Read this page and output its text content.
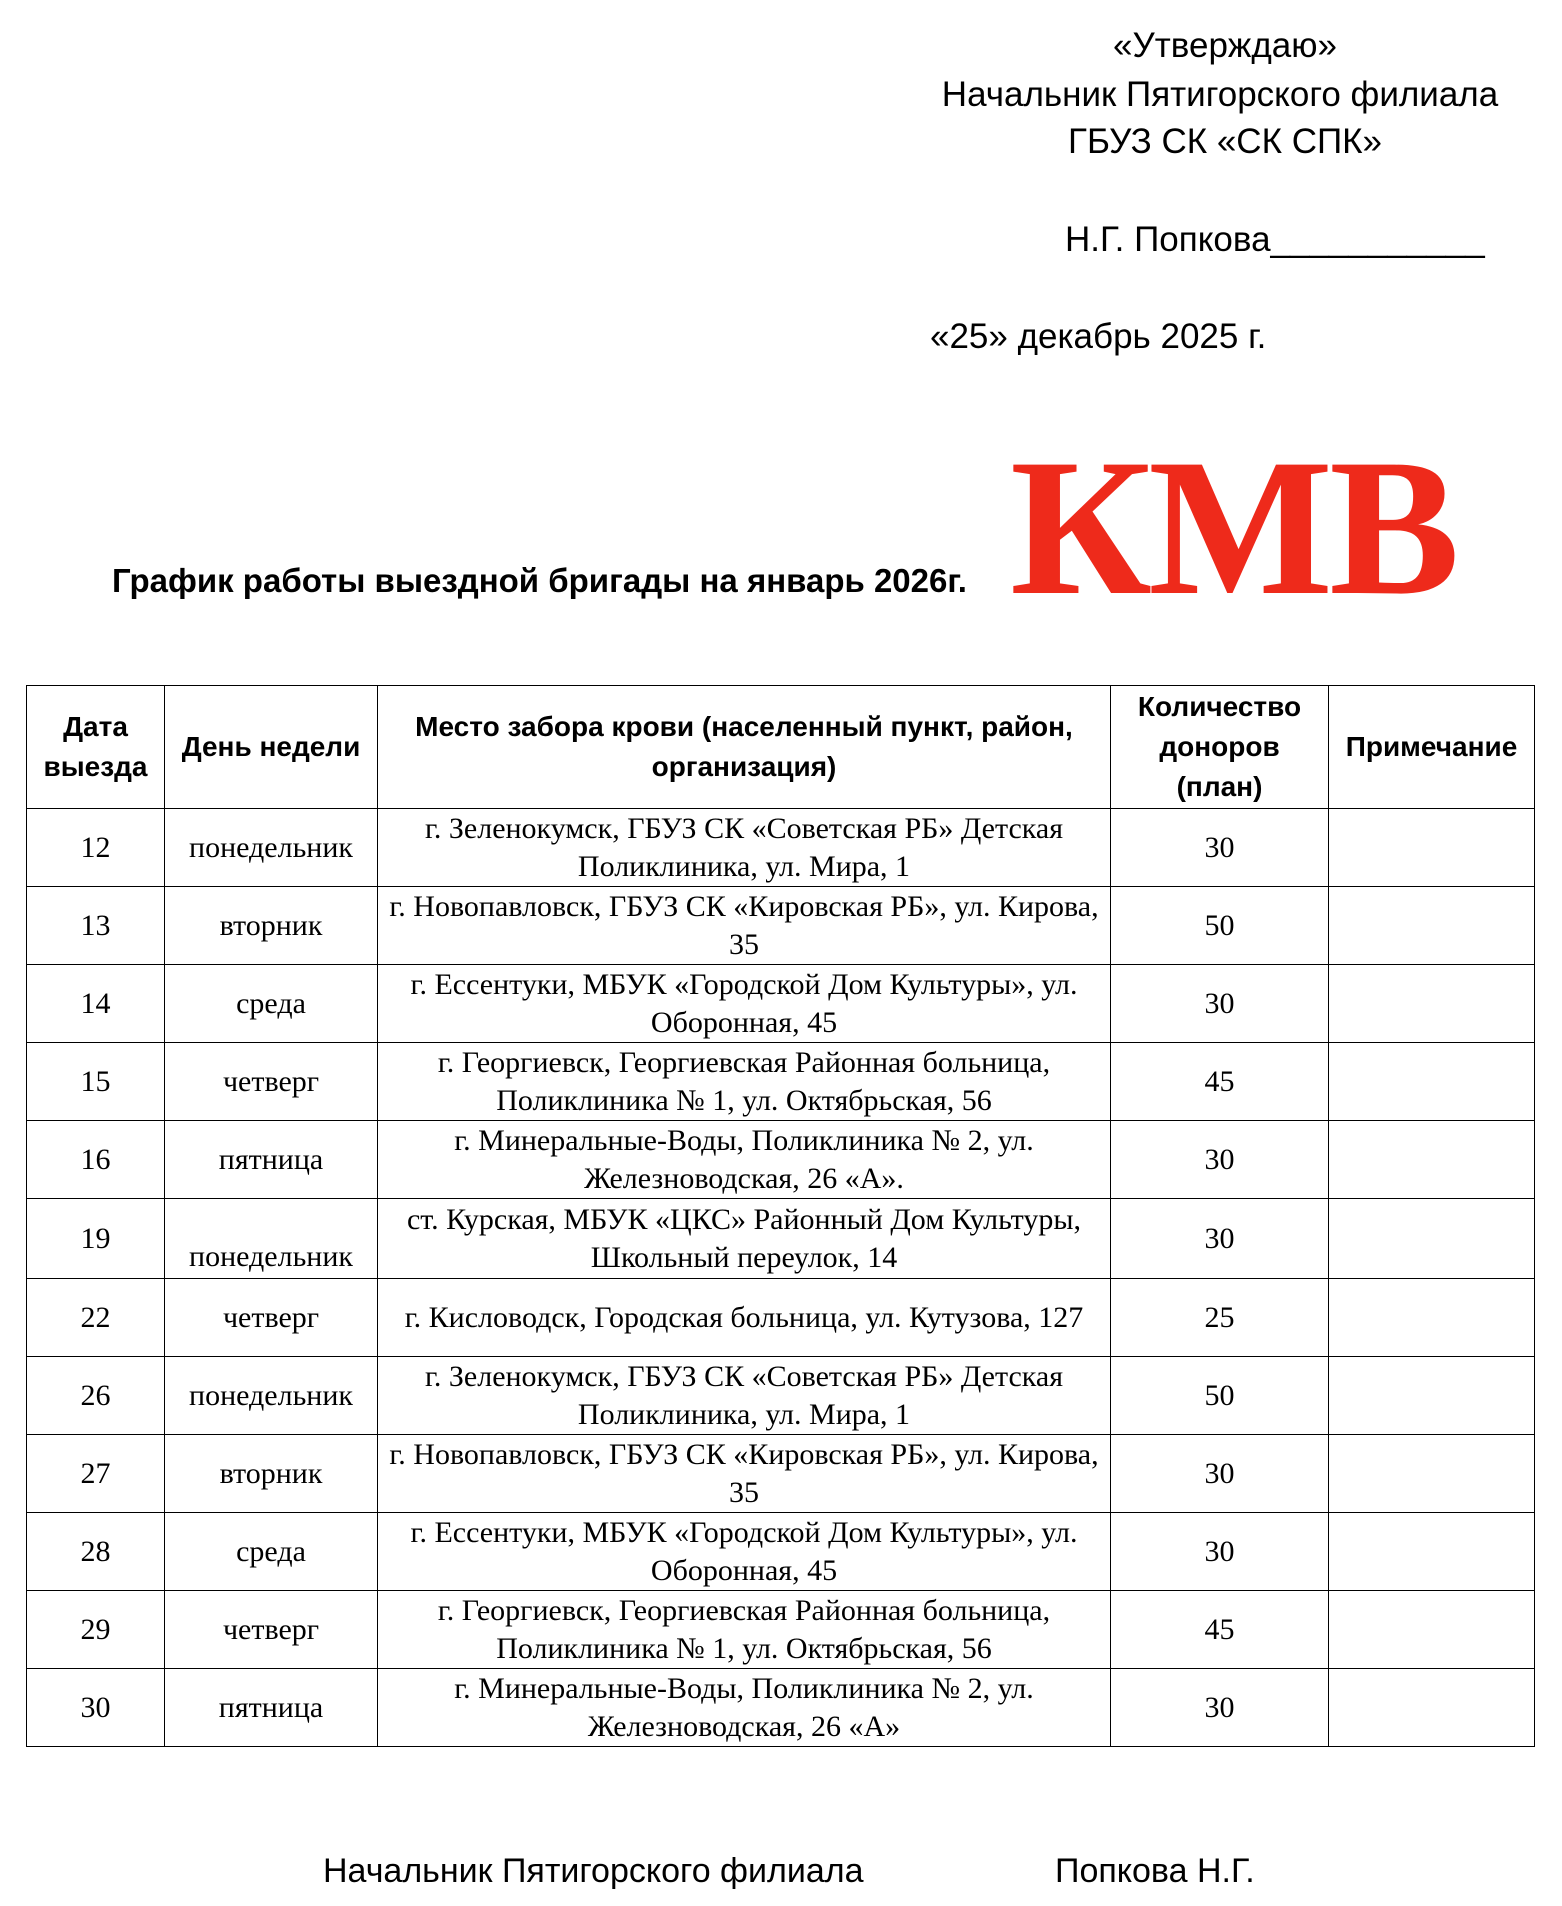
«Утверждаю»
Начальник Пятигорского филиала
ГБУЗ СК «СК СПК»
Н.Г. Попкова___________
«25» декабрь 2025 г.
КМВ
График работы выездной бригады на январь 2026г.
Дата выезда	День недели	Место забора крови (населенный пункт, район, организация)	Количество доноров (план)	Примечание
12	понедельник	г. Зеленокумск, ГБУЗ СК «Советская РБ» Детская Поликлиника, ул. Мира, 1	30	
13	вторник	г. Новопавловск, ГБУЗ СК «Кировская РБ», ул. Кирова, 35	50	
14	среда	г. Ессентуки, МБУК «Городской Дом Культуры», ул. Оборонная, 45	30	
15	четверг	г. Георгиевск, Георгиевская Районная больница, Поликлиника № 1, ул. Октябрьская, 56	45	
16	пятница	г. Минеральные-Воды, Поликлиника № 2, ул. Железноводская, 26 «А».	30	
19	понедельник	ст. Курская, МБУК «ЦКС» Районный Дом Культуры, Школьный переулок, 14	30	
22	четверг	г. Кисловодск, Городская больница, ул. Кутузова, 127	25	
26	понедельник	г. Зеленокумск, ГБУЗ СК «Советская РБ» Детская Поликлиника, ул. Мира, 1	50	
27	вторник	г. Новопавловск, ГБУЗ СК «Кировская РБ», ул. Кирова, 35	30	
28	среда	г. Ессентуки, МБУК «Городской Дом Культуры», ул. Оборонная, 45	30	
29	четверг	г. Георгиевск, Георгиевская Районная больница, Поликлиника № 1, ул. Октябрьская, 56	45	
30	пятница	г. Минеральные-Воды, Поликлиника № 2, ул. Железноводская, 26 «А»	30	
Начальник Пятигорского филиала	Попкова Н.Г.
